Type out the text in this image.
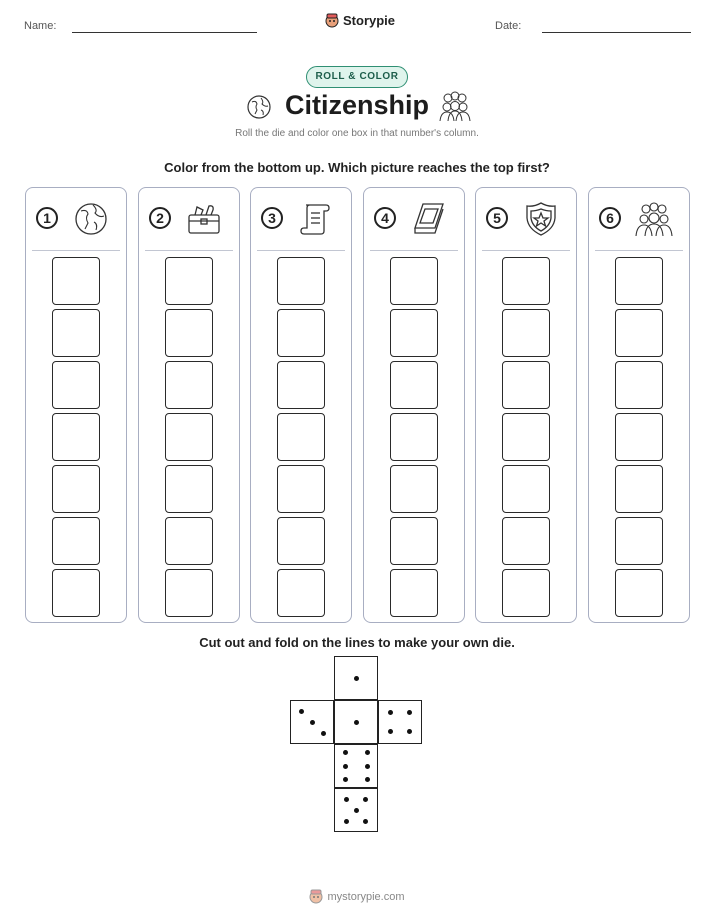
Name:	Storypie	Date:
ROLL & COLOR
Citizenship
Roll the die and color one box in that number's column.
Color from the bottom up. Which picture reaches the top first?
1	2	3	4	5	6
Cut out and fold on the lines to make your own die.
mystorypie.com
